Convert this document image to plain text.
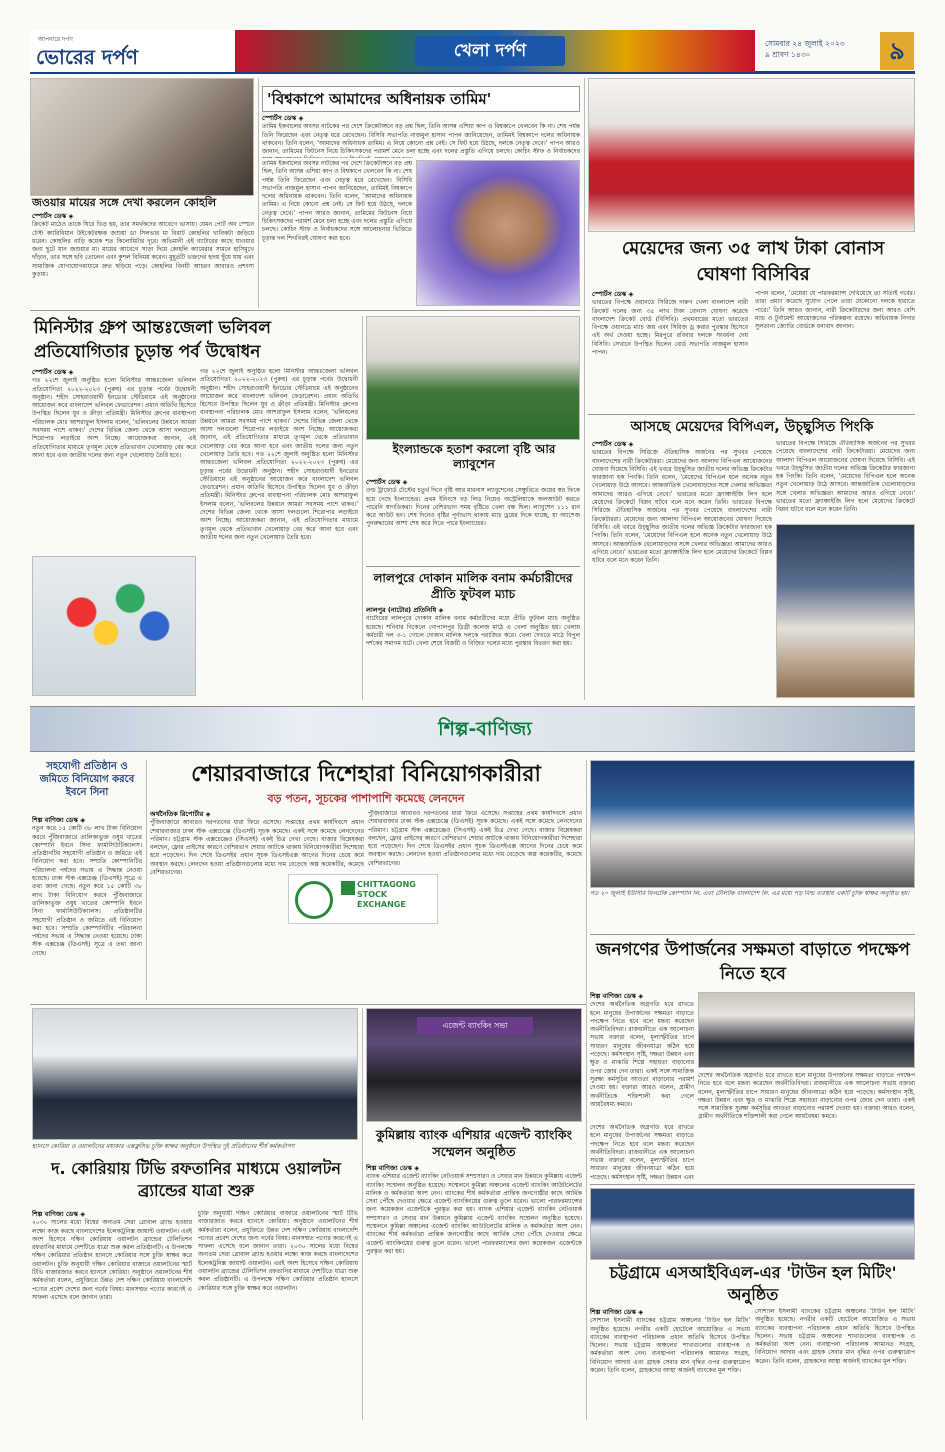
আপনারে দর্পণ
ভোরের দর্পণ	খেলা দর্পণ	সোমবার ২৪ জুলাই ২০২৩
৯ শ্রাবণ ১৪৩০	৯
জওয়ার মায়ের সঙ্গে দেখা করলেন কোহলি
স্পোর্টস ডেস্ক ◈
ক্রিকেট মাঠেও তাকে ঘিরে ভিড় হয়, তার সমর্থকদের আবেগে ভাসায়। যেমন পোর্ট অব স্পেনে টেস্ট ক্যারিবিয়ান উইকেটরক্ষক জশুয়া ডা সিলভার মা বিরাট কোহলির খানিকটা জড়িয়ে ধরেন। কোহলির বাড়ি কয়েক শত কিলোমিটার দূরে। অভিমানী এই ব্যাটারের কাছে যাওয়ার জন্য ছুটে যান জশুয়ার মা। মায়ের আবেগে সাড়া দিয়ে কোহলি ক্যামেরার সামনে হাসিমুখে দাঁড়ান, তার সঙ্গে ছবি তোলেন এবং কুশল বিনিময় করেন। মুহূর্তটি ভক্তদের হৃদয় ছুঁয়ে যায় এবং সামাজিক যোগাযোগমাধ্যমে দ্রুত ছড়িয়ে পড়ে। কোহলির বিনয়ী আচরণ আবারও প্রশংসা কুড়ায়।
'বিশ্বকাপে আমাদের অধিনায়ক তামিম'
স্পোর্টস ডেস্ক ◈
তামিম ইকবালের অবসর নাটকের পর দেশে ক্রিকেটাঙ্গনে বড় প্রশ্ন ছিল, তিনি আসন্ন এশিয়া কাপ ও বিশ্বকাপে খেলবেন কি না। শেষ পর্যন্ত তিনি ফিরেছেন এবং নেতৃত্ব ধরে রেখেছেন। বিসিবি সভাপতি নাজমুল হাসান পাপন জানিয়েছেন, তামিমই বিশ্বকাপে দলের অধিনায়ক থাকবেন। তিনি বলেন, 'আমাদের অধিনায়ক তামিম। এ নিয়ে কোনো প্রশ্ন নেই। সে ফিট হয়ে উঠছে, দলকে নেতৃত্ব দেবে।' পাপন আরও জানান, তামিমের ফিটনেস নিয়ে চিকিৎসকদের পরামর্শ মেনে চলা হচ্ছে এবং দলের প্রস্তুতি এগিয়ে চলছে। কোচিং স্টাফ ও নির্বাচকদের
তামিম ইকবালের অবসর নাটকের পর দেশে ক্রিকেটাঙ্গনে বড় প্রশ্ন ছিল, তিনি আসন্ন এশিয়া কাপ ও বিশ্বকাপে খেলবেন কি না। শেষ পর্যন্ত তিনি ফিরেছেন এবং নেতৃত্ব ধরে রেখেছেন। বিসিবি সভাপতি নাজমুল হাসান পাপন জানিয়েছেন, তামিমই বিশ্বকাপে দলের অধিনায়ক থাকবেন। তিনি বলেন, 'আমাদের অধিনায়ক তামিম। এ নিয়ে কোনো প্রশ্ন নেই। সে ফিট হয়ে উঠছে, দলকে নেতৃত্ব দেবে।' পাপন আরও জানান, তামিমের ফিটনেস নিয়ে চিকিৎসকদের পরামর্শ মেনে চলা হচ্ছে এবং দলের প্রস্তুতি এগিয়ে চলছে। কোচিং স্টাফ ও নির্বাচকদের সঙ্গে আলোচনার ভিত্তিতে চূড়ান্ত দল শিগগিরই ঘোষণা করা হবে।	মেয়েদের জন্য ৩৫ লাখ টাকা বোনাস ঘোষণা বিসিবির
স্পোর্টস ডেস্ক ◈
ভারতের বিপক্ষে ওয়ানডে সিরিজে দারুণ খেলা বাংলাদেশ নারী ক্রিকেট দলের জন্য ৩৫ লাখ টাকা বোনাস ঘোষণা করেছে বাংলাদেশ ক্রিকেট বোর্ড (বিসিবি)। প্রথমবারের মতো ভারতের বিপক্ষে ওয়ানডে ম্যাচ জয় এবং সিরিজ ড্র করার পুরস্কার হিসেবে এই অর্থ দেওয়া হচ্ছে। মিরপুরে রবিবার দলকে সংবর্ধনা দেয় বিসিবি। সেখানে উপস্থিত ছিলেন বোর্ড সভাপতি নাজমুল হাসান পাপন।
পাপন বলেন, 'মেয়েরা যে পারফরম্যান্স দেখিয়েছে তা সত্যিই গর্বের। তারা প্রমাণ করেছে সুযোগ পেলে তারা যেকোনো দলকে হারাতে পারে।' তিনি আরও জানান, নারী ক্রিকেটারদের জন্য আরও বেশি ম্যাচ ও টুর্নামেন্ট আয়োজনের পরিকল্পনা রয়েছে। অধিনায়ক নিগার সুলতানা জ্যোতি বোর্ডকে ধন্যবাদ জানান।
মিনিস্টার গ্রুপ আন্তঃজেলা ভলিবল প্রতিযোগিতার চূড়ান্ত পর্ব উদ্বোধন
স্পোর্টস ডেস্ক ◈
গত ২২শে জুলাই অনুষ্ঠিত হলো মিনিস্টার আন্তঃজেলা ভলিবল প্রতিযোগিতা ২০২২-২০২৩ (পুরুষ) এর চূড়ান্ত পর্বের উদ্বোধনী অনুষ্ঠান। শহীদ সোহরাওয়ার্দী ইনডোর স্টেডিয়ামে এই অনুষ্ঠানের আয়োজন করে বাংলাদেশ ভলিবল ফেডারেশন। প্রধান অতিথি হিসেবে উপস্থিত ছিলেন যুব ও ক্রীড়া প্রতিমন্ত্রী। মিনিস্টার গ্রুপের ব্যবস্থাপনা পরিচালক মোঃ আশরাফুল ইসলাম বলেন, 'ভলিবলের উন্নয়নে আমরা সবসময় পাশে থাকব।' দেশের বিভিন্ন জেলা থেকে আসা দলগুলো শিরোপার লড়াইয়ে অংশ নিচ্ছে। আয়োজকরা জানান, এই প্রতিযোগিতার মাধ্যমে তৃণমূল থেকে প্রতিভাবান খেলোয়াড় বের করে আনা হবে এবং জাতীয় দলের জন্য নতুন খেলোয়াড় তৈরি হবে।
গত ২২শে জুলাই অনুষ্ঠিত হলো মিনিস্টার আন্তঃজেলা ভলিবল প্রতিযোগিতা ২০২২-২০২৩ (পুরুষ) এর চূড়ান্ত পর্বের উদ্বোধনী অনুষ্ঠান। শহীদ সোহরাওয়ার্দী ইনডোর স্টেডিয়ামে এই অনুষ্ঠানের আয়োজন করে বাংলাদেশ ভলিবল ফেডারেশন। প্রধান অতিথি হিসেবে উপস্থিত ছিলেন যুব ও ক্রীড়া প্রতিমন্ত্রী। মিনিস্টার গ্রুপের ব্যবস্থাপনা পরিচালক মোঃ আশরাফুল ইসলাম বলেন, 'ভলিবলের উন্নয়নে আমরা সবসময় পাশে থাকব।' দেশের বিভিন্ন জেলা থেকে আসা দলগুলো শিরোপার লড়াইয়ে অংশ নিচ্ছে। আয়োজকরা জানান, এই প্রতিযোগিতার মাধ্যমে তৃণমূল থেকে প্রতিভাবান খেলোয়াড় বের করে আনা হবে এবং জাতীয় দলের জন্য নতুন খেলোয়াড় তৈরি হবে। গত ২২শে জুলাই অনুষ্ঠিত হলো মিনিস্টার আন্তঃজেলা ভলিবল প্রতিযোগিতা ২০২২-২০২৩ (পুরুষ) এর চূড়ান্ত পর্বের উদ্বোধনী অনুষ্ঠান। শহীদ সোহরাওয়ার্দী ইনডোর স্টেডিয়ামে এই অনুষ্ঠানের আয়োজন করে বাংলাদেশ ভলিবল ফেডারেশন। প্রধান অতিথি হিসেবে উপস্থিত ছিলেন যুব ও ক্রীড়া প্রতিমন্ত্রী। মিনিস্টার গ্রুপের ব্যবস্থাপনা পরিচালক মোঃ আশরাফুল ইসলাম বলেন, 'ভলিবলের উন্নয়নে আমরা সবসময় পাশে থাকব।' দেশের বিভিন্ন জেলা থেকে আসা দলগুলো শিরোপার লড়াইয়ে অংশ নিচ্ছে। আয়োজকরা জানান, এই প্রতিযোগিতার মাধ্যমে তৃণমূল থেকে প্রতিভাবান খেলোয়াড় বের করে আনা হবে এবং জাতীয় দলের জন্য নতুন খেলোয়াড় তৈরি হবে।
ইংল্যান্ডকে হতাশ করলো বৃষ্টি আর ল্যাবুশেন
স্পোর্টস ডেস্ক ◈
ওল্ড ট্রাফোর্ড টেস্টের চতুর্থ দিনে বৃষ্টি আর মারনাস ল্যাবুশেনের সেঞ্চুরিতে জয়ের স্বপ্ন ফিকে হয়ে গেছে ইংল্যান্ডের। প্রথম ইনিংসে বড় লিড নিয়েও অস্ট্রেলিয়াকে অলআউট করতে পারেনি স্বাগতিকরা। দিনের বেশিরভাগ সময় বৃষ্টিতে খেলা বন্ধ ছিল। ল্যাবুশেন ১১১ রান করে আউট হন। শেষ দিনেও বৃষ্টির পূর্বাভাস থাকায় ম্যাচ ড্রয়ের দিকে যাচ্ছে, যা অ্যাশেজ পুনরুদ্ধারের আশা শেষ করে দিতে পারে ইংল্যান্ডের।
লালপুরে দোকান মালিক বনাম কর্মচারীদের প্রীতি ফুটবল ম্যাচ
লালপুর (নাটোর) প্রতিনিধি ◈
নাটোরের লালপুরে দোকান মালিক বনাম কর্মচারীদের মধ্যে প্রীতি ফুটবল ম্যাচ অনুষ্ঠিত হয়েছে। শনিবার বিকেলে গোপালপুর ডিগ্রী কলেজ মাঠে এ খেলা অনুষ্ঠিত হয়। খেলায় কর্মচারী দল ৩-১ গোলে দোকান মালিক দলকে পরাজিত করে। খেলা দেখতে মাঠে বিপুল দর্শকের সমাগম ঘটে। খেলা শেষে বিজয়ী ও বিজিত দলের মধ্যে পুরস্কার বিতরণ করা হয়।
আসছে মেয়েদের বিপিএল, উচ্ছ্বসিত পিংকি
স্পোর্টস ডেস্ক ◈
ভারতের বিপক্ষে সিরিজে ঐতিহাসিক অর্জনের পর সুখবর পেয়েছে বাংলাদেশের নারী ক্রিকেটাররা। মেয়েদের জন্য আলাদা বিপিএল আয়োজনের ঘোষণা দিয়েছে বিসিবি। এই খবরে উচ্ছ্বসিত জাতীয় দলের অভিজ্ঞ ক্রিকেটার ফারজানা হক পিংকি। তিনি বলেন, 'মেয়েদের বিপিএল হলে অনেক নতুন খেলোয়াড় উঠে আসবে। আন্তর্জাতিক খেলোয়াড়দের সঙ্গে খেলার অভিজ্ঞতা আমাদের আরও এগিয়ে নেবে।' ভারতের মতো ফ্র্যাঞ্চাইজি লিগ হলে মেয়েদের ক্রিকেটে বিপ্লব ঘটবে বলে মনে করেন তিনি। ভারতের বিপক্ষে সিরিজে ঐতিহাসিক অর্জনের পর সুখবর পেয়েছে বাংলাদেশের নারী ক্রিকেটাররা। মেয়েদের জন্য আলাদা বিপিএল আয়োজনের ঘোষণা দিয়েছে বিসিবি। এই খবরে উচ্ছ্বসিত জাতীয় দলের অভিজ্ঞ ক্রিকেটার ফারজানা হক পিংকি। তিনি বলেন, 'মেয়েদের বিপিএল হলে অনেক নতুন খেলোয়াড় উঠে আসবে। আন্তর্জাতিক খেলোয়াড়দের সঙ্গে খেলার অভিজ্ঞতা আমাদের আরও এগিয়ে নেবে।' ভারতের মতো ফ্র্যাঞ্চাইজি লিগ হলে মেয়েদের ক্রিকেটে বিপ্লব ঘটবে বলে মনে করেন তিনি।
ভারতের বিপক্ষে সিরিজে ঐতিহাসিক অর্জনের পর সুখবর পেয়েছে বাংলাদেশের নারী ক্রিকেটাররা। মেয়েদের জন্য আলাদা বিপিএল আয়োজনের ঘোষণা দিয়েছে বিসিবি। এই খবরে উচ্ছ্বসিত জাতীয় দলের অভিজ্ঞ ক্রিকেটার ফারজানা হক পিংকি। তিনি বলেন, 'মেয়েদের বিপিএল হলে অনেক নতুন খেলোয়াড় উঠে আসবে। আন্তর্জাতিক খেলোয়াড়দের সঙ্গে খেলার অভিজ্ঞতা আমাদের আরও এগিয়ে নেবে।' ভারতের মতো ফ্র্যাঞ্চাইজি লিগ হলে মেয়েদের ক্রিকেটে বিপ্লব ঘটবে বলে মনে করেন তিনি।
শিল্প-বাণিজ্য
সহযোগী প্রতিষ্ঠান ও জমিতে বিনিয়োগ করবে ইবনে সিনা
শিল্প বাণিজ্য ডেস্ক ◈
নতুন করে ১৫ কোটি ৩৮ লাখ টাকা বিনিয়োগ করবে পুঁজিবাজারে তালিকাভুক্ত ওষুধ খাতের কোম্পানি ইবনে সিনা ফার্মাসিউটিক্যালস। প্রতিষ্ঠানটির সহযোগী প্রতিষ্ঠান ও জমিতে এই বিনিয়োগ করা হবে। সম্প্রতি কোম্পানিটির পরিচালনা পর্ষদের সভায় এ সিদ্ধান্ত নেওয়া হয়েছে। ঢাকা স্টক এক্সচেঞ্জ (ডিএসই) সূত্রে এ তথ্য জানা গেছে। নতুন করে ১৫ কোটি ৩৮ লাখ টাকা বিনিয়োগ করবে পুঁজিবাজারে তালিকাভুক্ত ওষুধ খাতের কোম্পানি ইবনে সিনা ফার্মাসিউটিক্যালস। প্রতিষ্ঠানটির সহযোগী প্রতিষ্ঠান ও জমিতে এই বিনিয়োগ করা হবে। সম্প্রতি কোম্পানিটির পরিচালনা পর্ষদের সভায় এ সিদ্ধান্ত নেওয়া হয়েছে। ঢাকা স্টক এক্সচেঞ্জ (ডিএসই) সূত্রে এ তথ্য জানা গেছে।
শেয়ারবাজারে দিশেহারা বিনিয়োগকারীরা
বড় পতন, সূচকের পাশাপাশি কমেছে লেনদেন
অর্থনৈতিক রিপোর্টার ◈
পুঁজিবাজারে আবারও দরপতনের ধারা ফিরে এসেছে। সপ্তাহের প্রথম কার্যদিবসে প্রধান শেয়ারবাজার ঢাকা স্টক এক্সচেঞ্জে (ডিএসই) সূচক কমেছে। একই সঙ্গে কমেছে লেনদেনের পরিমাণ। চট্টগ্রাম স্টক এক্সচেঞ্জেও (সিএসই) একই চিত্র দেখা গেছে। বাজার বিশ্লেষকরা বলছেন, ফ্লোর প্রাইসের কারণে বেশিরভাগ শেয়ার আটকে থাকায় বিনিয়োগকারীরা দিশেহারা হয়ে পড়েছেন। দিন শেষে ডিএসইর প্রধান সূচক ডিএসইএক্স আগের দিনের চেয়ে কমে অবস্থান করছে। লেনদেন হওয়া প্রতিষ্ঠানগুলোর মধ্যে দাম বেড়েছে অল্প কয়েকটির, কমেছে বেশিরভাগের।
পুঁজিবাজারে আবারও দরপতনের ধারা ফিরে এসেছে। সপ্তাহের প্রথম কার্যদিবসে প্রধান শেয়ারবাজার ঢাকা স্টক এক্সচেঞ্জে (ডিএসই) সূচক কমেছে। একই সঙ্গে কমেছে লেনদেনের পরিমাণ। চট্টগ্রাম স্টক এক্সচেঞ্জেও (সিএসই) একই চিত্র দেখা গেছে। বাজার বিশ্লেষকরা বলছেন, ফ্লোর প্রাইসের কারণে বেশিরভাগ শেয়ার আটকে থাকায় বিনিয়োগকারীরা দিশেহারা হয়ে পড়েছেন। দিন শেষে ডিএসইর প্রধান সূচক ডিএসইএক্স আগের দিনের চেয়ে কমে অবস্থান করছে। লেনদেন হওয়া প্রতিষ্ঠানগুলোর মধ্যে দাম বেড়েছে অল্প কয়েকটির, কমেছে বেশিরভাগের।
CHITTAGONG
STOCK
EXCHANGE
গত ২০ জুলাই ইউসিবি ফিনটেক কোম্পানি লি. এবং টেলিটক বাংলাদেশ লি. এর মধ্যে পড় বিল্ড ব্যবস্থায় একটি চুক্তি স্বাক্ষর অনুষ্ঠিত হয়।
জনগণের উপার্জনের সক্ষমতা বাড়াতে পদক্ষেপ নিতে হবে
শিল্প বাণিজ্য ডেস্ক ◈
দেশের অর্থনৈতিক অগ্রগতি ধরে রাখতে হলে মানুষের উপার্জনের সক্ষমতা বাড়াতে পদক্ষেপ নিতে হবে বলে মন্তব্য করেছেন অর্থনীতিবিদরা। রাজধানীতে এক আলোচনা সভায় বক্তারা বলেন, মূল্যস্ফীতির চাপে সাধারণ মানুষের জীবনযাত্রা কঠিন হয়ে পড়েছে। কর্মসংস্থান সৃষ্টি, দক্ষতা উন্নয়ন এবং ক্ষুদ্র ও মাঝারি শিল্পে সহায়তা বাড়ানোর ওপর জোর দেন তারা। একই সঙ্গে সামাজিক সুরক্ষা কর্মসূচির আওতা বাড়ানোর পরামর্শ দেওয়া হয়। বক্তারা আরও বলেন, গ্রামীণ অর্থনীতিকে শক্তিশালী করা গেলে আয়বৈষম্য কমবে।
দেশের অর্থনৈতিক অগ্রগতি ধরে রাখতে হলে মানুষের উপার্জনের সক্ষমতা বাড়াতে পদক্ষেপ নিতে হবে বলে মন্তব্য করেছেন অর্থনীতিবিদরা। রাজধানীতে এক আলোচনা সভায় বক্তারা বলেন, মূল্যস্ফীতির চাপে সাধারণ মানুষের জীবনযাত্রা কঠিন হয়ে পড়েছে। কর্মসংস্থান সৃষ্টি, দক্ষতা উন্নয়ন এবং ক্ষুদ্র ও মাঝারি শিল্পে সহায়তা বাড়ানোর ওপর জোর দেন তারা। একই সঙ্গে সামাজিক সুরক্ষা কর্মসূচির আওতা বাড়ানোর পরামর্শ দেওয়া হয়। বক্তারা আরও বলেন, গ্রামীণ অর্থনীতিকে শক্তিশালী করা গেলে আয়বৈষম্য কমবে।
দেশের অর্থনৈতিক অগ্রগতি ধরে রাখতে হলে মানুষের উপার্জনের সক্ষমতা বাড়াতে পদক্ষেপ নিতে হবে বলে মন্তব্য করেছেন অর্থনীতিবিদরা। রাজধানীতে এক আলোচনা সভায় বক্তারা বলেন, মূল্যস্ফীতির চাপে সাধারণ মানুষের জীবনযাত্রা কঠিন হয়ে পড়েছে। কর্মসংস্থান সৃষ্টি, দক্ষতা উন্নয়ন এবং
হ্যানসে কোরিয়া ও ওয়ালটনের মধ্যকার এক্সক্লুসিভ চুক্তি স্বাক্ষর অনুষ্ঠানে উপস্থিত দুই প্রতিষ্ঠানের শীর্ষ কর্মকর্তাগণ
দ. কোরিয়ায় টিভি রফতানির মাধ্যমে ওয়ালটন ব্র্যান্ডের যাত্রা শুরু
শিল্প বাণিজ্য ডেস্ক ◈
২০৩০ সালের মধ্যে বিশ্বের অন্যতম সেরা গ্লোবাল ব্র্যান্ড হওয়ার লক্ষ্যে কাজ করছে বাংলাদেশের ইলেকট্রনিক্স জায়ান্ট ওয়ালটন। এরই অংশ হিসেবে দক্ষিণ কোরিয়ায় ওয়ালটন ব্র্যান্ডের টেলিভিশন রফতানির মাধ্যমে দেশটিতে যাত্রা শুরু করল প্রতিষ্ঠানটি। এ উপলক্ষে দক্ষিণ কোরিয়ার প্রতিষ্ঠান হ্যানসে কোরিয়ার সঙ্গে চুক্তি স্বাক্ষর করে ওয়ালটন। চুক্তি অনুযায়ী দক্ষিণ কোরিয়ার বাজারে ওয়ালটনের স্মার্ট টিভি বাজারজাত করবে হ্যানসে কোরিয়া। অনুষ্ঠানে ওয়ালটনের শীর্ষ কর্মকর্তারা বলেন, প্রযুক্তিতে উন্নত দেশ দক্ষিণ কোরিয়ায় বাংলাদেশি পণ্যের প্রবেশ দেশের জন্য গর্বের বিষয়। মানসম্মত পণ্যের কারণেই এ সাফল্য এসেছে বলে জানান তারা।
চুক্তি অনুযায়ী দক্ষিণ কোরিয়ার বাজারে ওয়ালটনের স্মার্ট টিভি বাজারজাত করবে হ্যানসে কোরিয়া। অনুষ্ঠানে ওয়ালটনের শীর্ষ কর্মকর্তারা বলেন, প্রযুক্তিতে উন্নত দেশ দক্ষিণ কোরিয়ায় বাংলাদেশি পণ্যের প্রবেশ দেশের জন্য গর্বের বিষয়। মানসম্মত পণ্যের কারণেই এ সাফল্য এসেছে বলে জানান তারা। ২০৩০ সালের মধ্যে বিশ্বের অন্যতম সেরা গ্লোবাল ব্র্যান্ড হওয়ার লক্ষ্যে কাজ করছে বাংলাদেশের ইলেকট্রনিক্স জায়ান্ট ওয়ালটন। এরই অংশ হিসেবে দক্ষিণ কোরিয়ায় ওয়ালটন ব্র্যান্ডের টেলিভিশন রফতানির মাধ্যমে দেশটিতে যাত্রা শুরু করল প্রতিষ্ঠানটি। এ উপলক্ষে দক্ষিণ কোরিয়ার প্রতিষ্ঠান হ্যানসে কোরিয়ার সঙ্গে চুক্তি স্বাক্ষর করে ওয়ালটন।
এজেন্ট ব্যাংকিং সভা
কুমিল্লায় ব্যাংক এশিয়ার এজেন্ট ব্যাংকিং সম্মেলন অনুষ্ঠিত
শিল্প বাণিজ্য ডেস্ক ◈
ব্যাংক এশিয়ার এজেন্ট ব্যাংকিং নেটওয়ার্ক সম্প্রসারণ ও সেবার মান উন্নয়নে কুমিল্লায় এজেন্ট ব্যাংকিং সম্মেলন অনুষ্ঠিত হয়েছে। সম্মেলনে কুমিল্লা অঞ্চলের এজেন্ট ব্যাংকিং আউটলেটের মালিক ও কর্মকর্তারা অংশ নেন। ব্যাংকের শীর্ষ কর্মকর্তারা প্রান্তিক জনগোষ্ঠীর কাছে আর্থিক সেবা পৌঁছে দেওয়ার ক্ষেত্রে এজেন্ট ব্যাংকিংয়ের গুরুত্ব তুলে ধরেন। ভালো পারফরম্যান্সের জন্য কয়েকজন এজেন্টকে পুরস্কৃত করা হয়। ব্যাংক এশিয়ার এজেন্ট ব্যাংকিং নেটওয়ার্ক সম্প্রসারণ ও সেবার মান উন্নয়নে কুমিল্লায় এজেন্ট ব্যাংকিং সম্মেলন অনুষ্ঠিত হয়েছে। সম্মেলনে কুমিল্লা অঞ্চলের এজেন্ট ব্যাংকিং আউটলেটের মালিক ও কর্মকর্তারা অংশ নেন। ব্যাংকের শীর্ষ কর্মকর্তারা প্রান্তিক জনগোষ্ঠীর কাছে আর্থিক সেবা পৌঁছে দেওয়ার ক্ষেত্রে এজেন্ট ব্যাংকিংয়ের গুরুত্ব তুলে ধরেন। ভালো পারফরম্যান্সের জন্য কয়েকজন এজেন্টকে পুরস্কৃত করা হয়।
চট্টগ্রামে এসআইবিএল-এর 'টাউন হল মিটিং' অনুষ্ঠিত
শিল্প বাণিজ্য ডেস্ক ◈
সোশ্যাল ইসলামী ব্যাংকের চট্টগ্রাম অঞ্চলের 'টাউন হল মিটিং' অনুষ্ঠিত হয়েছে। নগরীর একটি হোটেলে আয়োজিত এ সভায় ব্যাংকের ব্যবস্থাপনা পরিচালক প্রধান অতিথি হিসেবে উপস্থিত ছিলেন। সভায় চট্টগ্রাম অঞ্চলের শাখাগুলোর ব্যবস্থাপক ও কর্মকর্তারা অংশ নেন। ব্যবস্থাপনা পরিচালক আমানত সংগ্রহ, বিনিয়োগ আদায় এবং গ্রাহক সেবার মান বৃদ্ধির ওপর গুরুত্বারোপ করেন। তিনি বলেন, গ্রাহকদের আস্থা অর্জনই ব্যাংকের মূল শক্তি।
সোশ্যাল ইসলামী ব্যাংকের চট্টগ্রাম অঞ্চলের 'টাউন হল মিটিং' অনুষ্ঠিত হয়েছে। নগরীর একটি হোটেলে আয়োজিত এ সভায় ব্যাংকের ব্যবস্থাপনা পরিচালক প্রধান অতিথি হিসেবে উপস্থিত ছিলেন। সভায় চট্টগ্রাম অঞ্চলের শাখাগুলোর ব্যবস্থাপক ও কর্মকর্তারা অংশ নেন। ব্যবস্থাপনা পরিচালক আমানত সংগ্রহ, বিনিয়োগ আদায় এবং গ্রাহক সেবার মান বৃদ্ধির ওপর গুরুত্বারোপ করেন। তিনি বলেন, গ্রাহকদের আস্থা অর্জনই ব্যাংকের মূল শক্তি।
